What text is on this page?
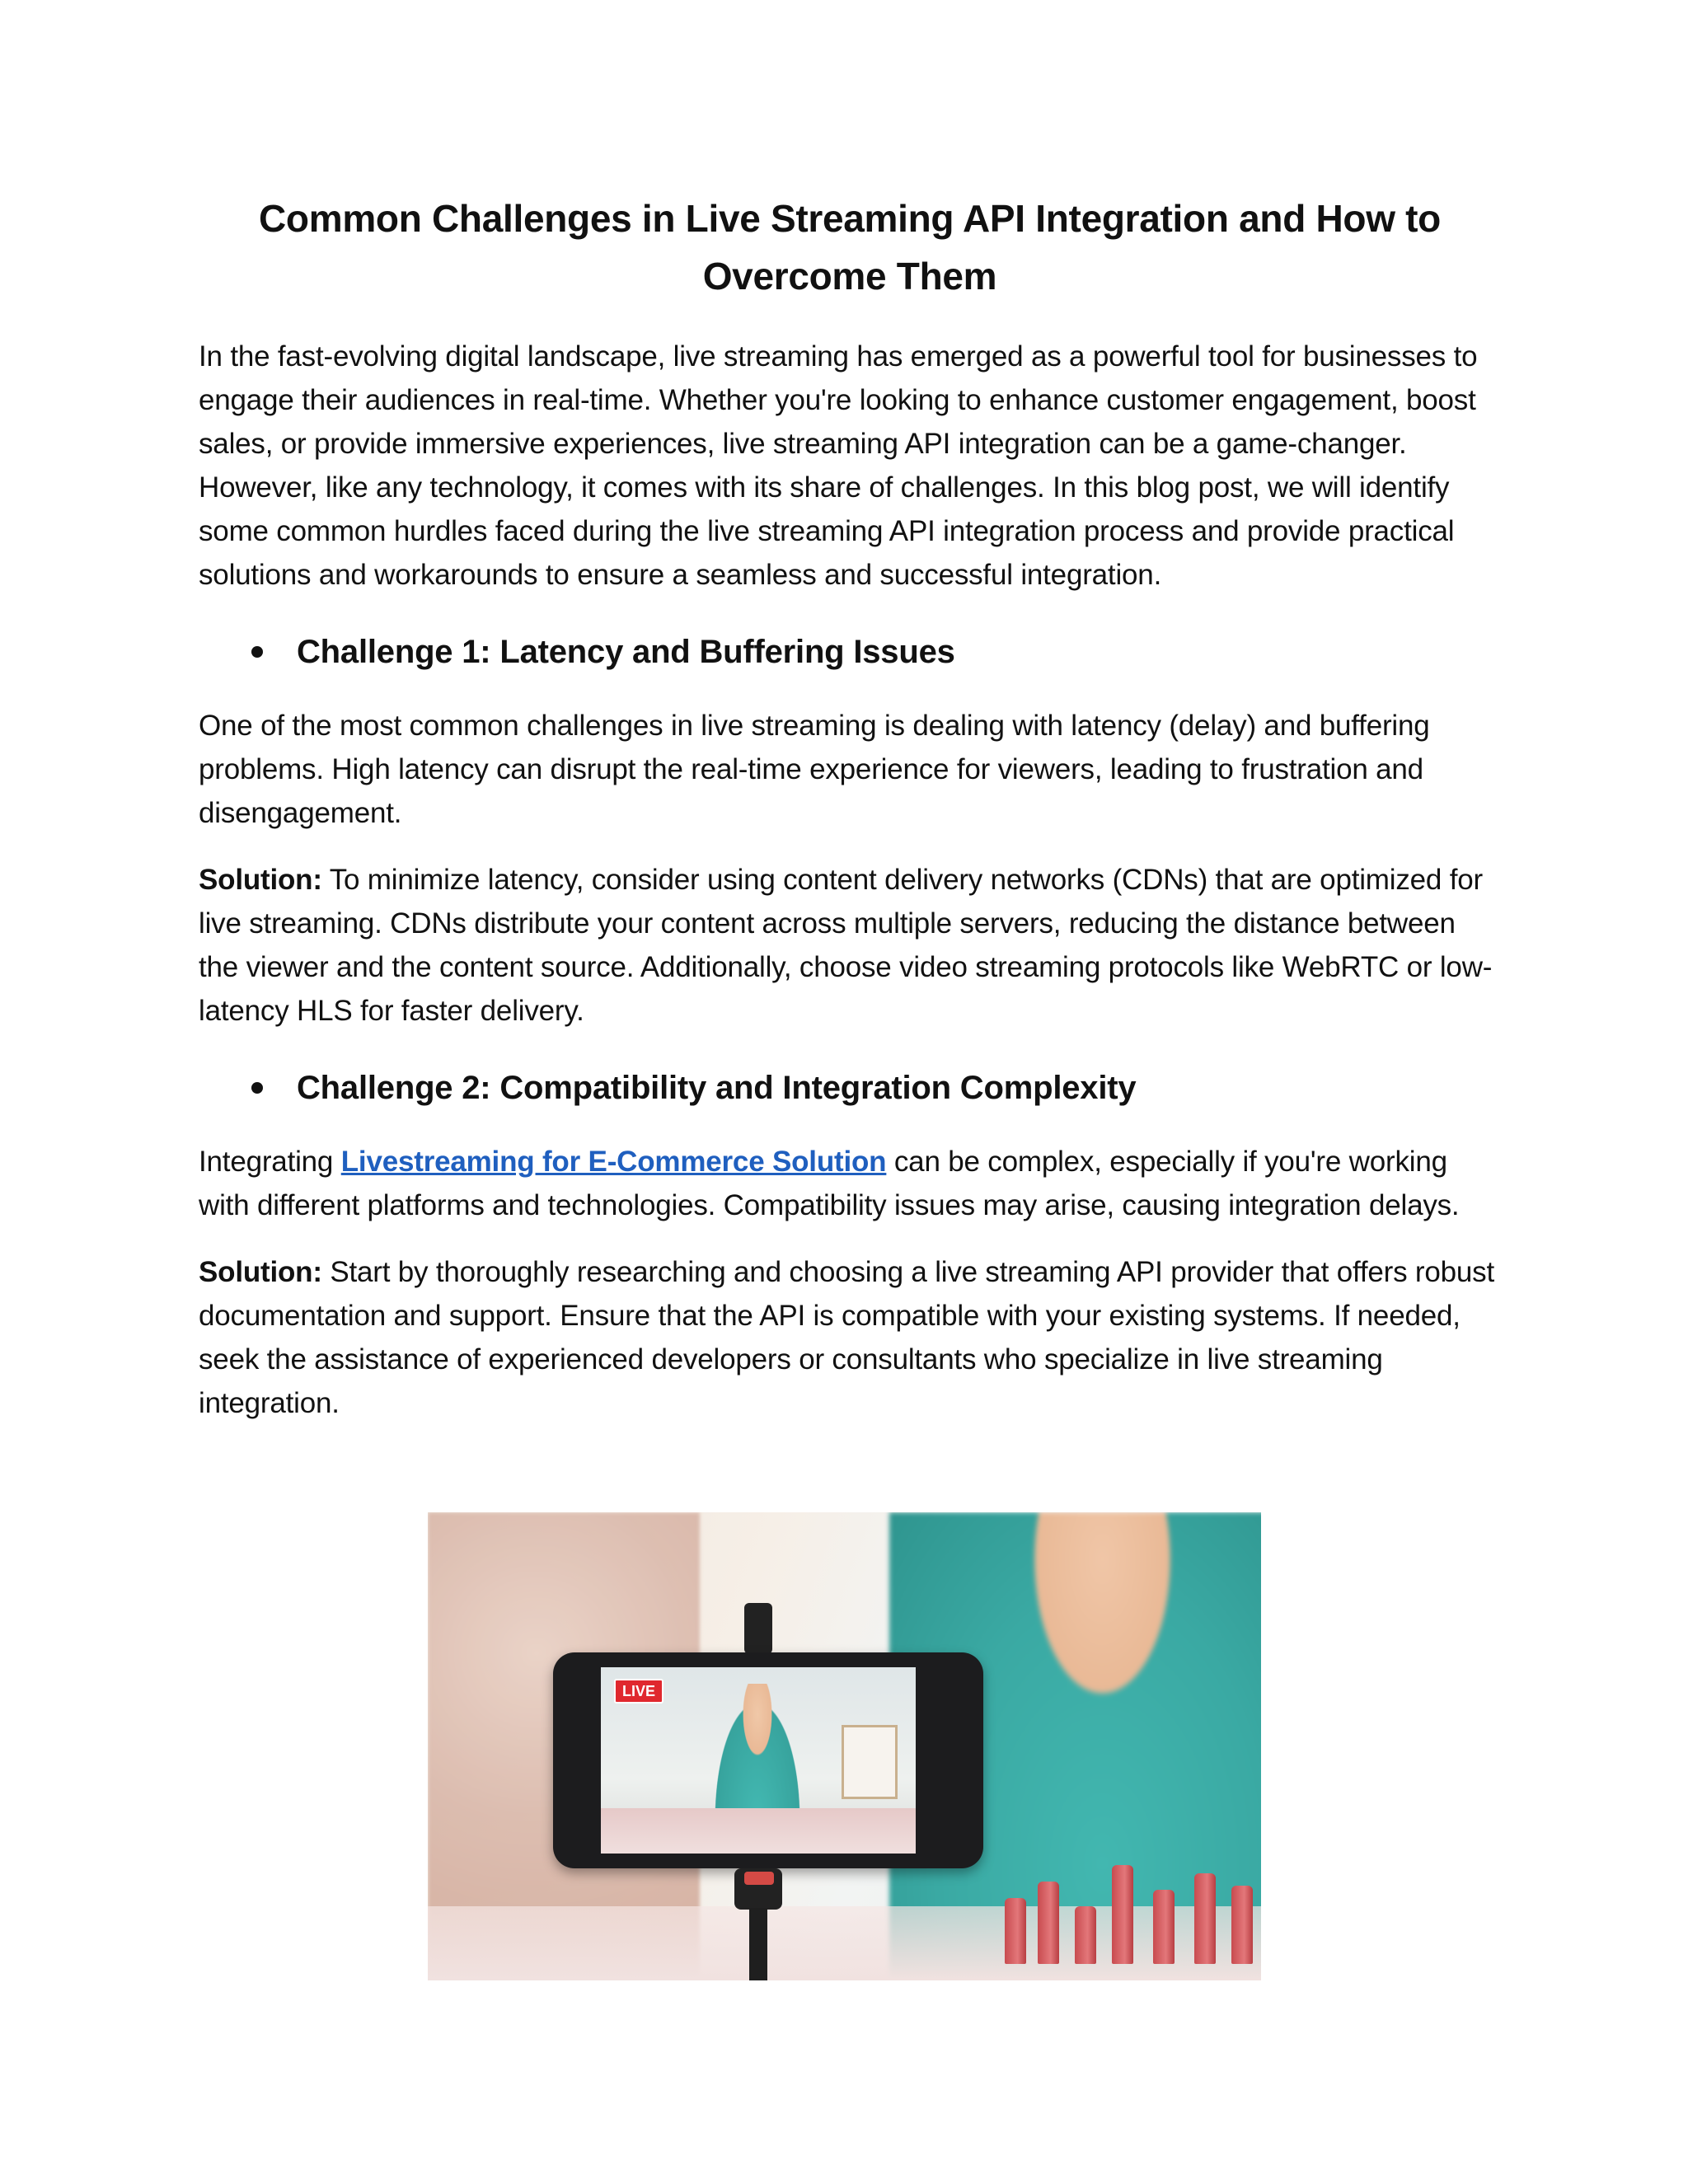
Common Challenges in Live Streaming API Integration and How to Overcome Them

In the fast-evolving digital landscape, live streaming has emerged as a powerful tool for businesses to engage their audiences in real-time. Whether you're looking to enhance customer engagement, boost sales, or provide immersive experiences, live streaming API integration can be a game-changer. However, like any technology, it comes with its share of challenges. In this blog post, we will identify some common hurdles faced during the live streaming API integration process and provide practical solutions and workarounds to ensure a seamless and successful integration.

Challenge 1: Latency and Buffering Issues

One of the most common challenges in live streaming is dealing with latency (delay) and buffering problems. High latency can disrupt the real-time experience for viewers, leading to frustration and disengagement.

Solution: To minimize latency, consider using content delivery networks (CDNs) that are optimized for live streaming. CDNs distribute your content across multiple servers, reducing the distance between the viewer and the content source. Additionally, choose video streaming protocols like WebRTC or low-latency HLS for faster delivery.

Challenge 2: Compatibility and Integration Complexity

Integrating Livestreaming for E-Commerce Solution can be complex, especially if you're working with different platforms and technologies. Compatibility issues may arise, causing integration delays.

Solution: Start by thoroughly researching and choosing a live streaming API provider that offers robust documentation and support. Ensure that the API is compatible with your existing systems. If needed, seek the assistance of experienced developers or consultants who specialize in live streaming integration.

LIVE
